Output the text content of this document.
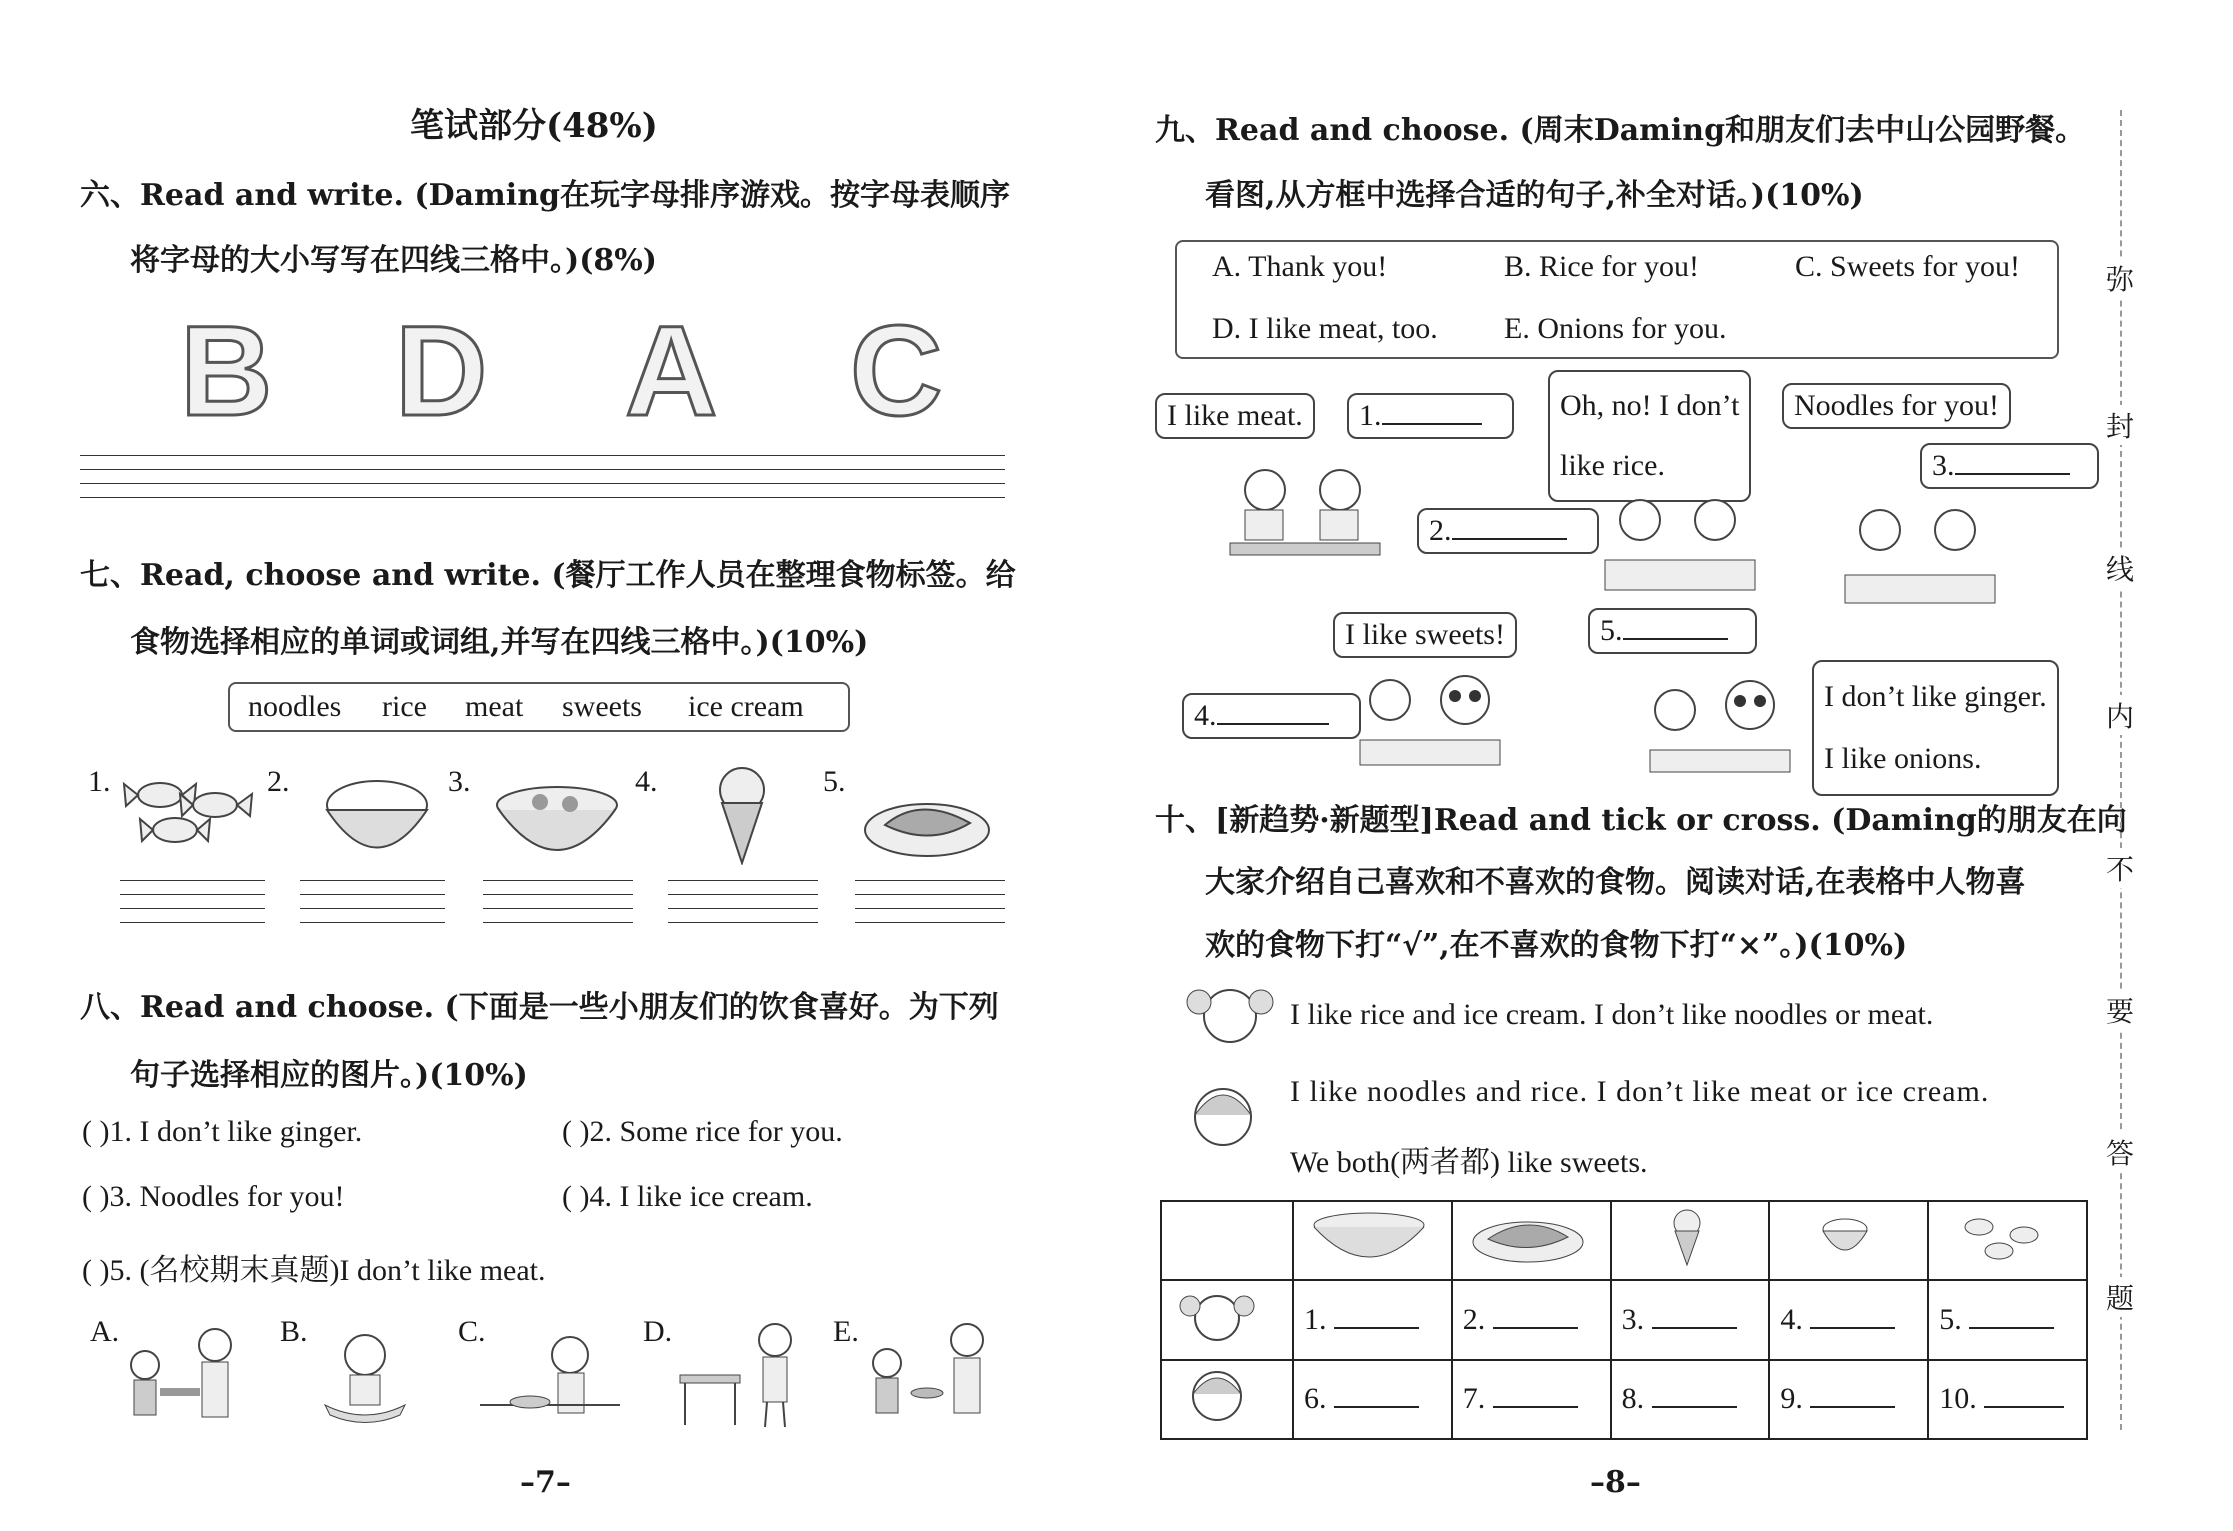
笔试部分(48%)
六、Read and write. (Daming在玩字母排序游戏。按字母表顺序
将字母的大小写写在四线三格中。)(8%)
B D A C
七、Read, choose and write. (餐厅工作人员在整理食物标签。给
食物选择相应的单词或词组,并写在四线三格中。)(10%)
noodles rice meat sweets ice cream
1.	2.	3.	4.	5.
八、Read and choose. (下面是一些小朋友们的饮食喜好。为下列
句子选择相应的图片。)(10%)
( )1. I don’t like ginger.	( )2. Some rice for you.
( )3. Noodles for you!	( )4. I like ice cream.
( )5. (名校期末真题)I don’t like meat.
A.	B.	C.	D.	E.
–7–
九、Read and choose. (周末Daming和朋友们去中山公园野餐。
看图,从方框中选择合适的句子,补全对话。)(10%)
A. Thank you!	B. Rice for you!	C. Sweets for you!
D. I like meat, too. E. Onions for you.
I like meat.	1.	Oh, no! I don’t
like rice.
Noodles for you!
3.
2.
I like sweets!	5.
4.
I don’t like ginger.
I like onions.
十、[新趋势·新题型]Read and tick or cross. (Daming的朋友在向
大家介绍自己喜欢和不喜欢的食物。阅读对话,在表格中人物喜
欢的食物下打“√”,在不喜欢的食物下打“×”。)(10%)
I like rice and ice cream. I don’t like noodles or meat.
I like noodles and rice. I don’t like meat or ice cream.
We both(两者都) like sweets.

	1.	2.	3.	4.	5.
	6.	7.	8.	9.	10.
–8–
弥
封
线
内
不
要
答
题
